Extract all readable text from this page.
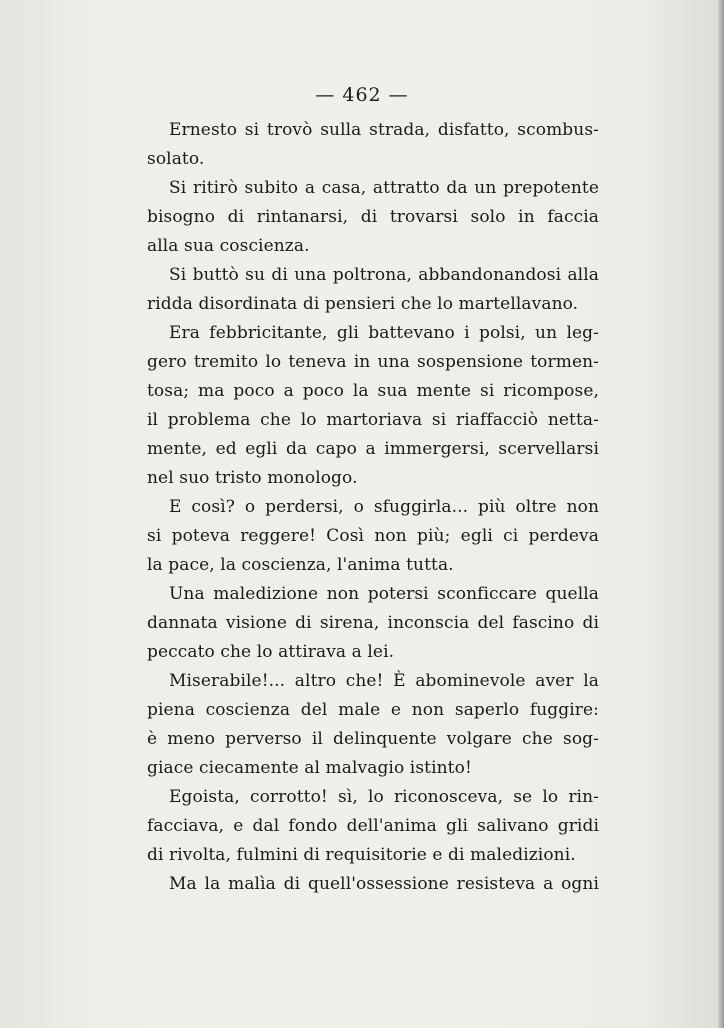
— 462 —
Ernesto si trovò sulla strada, disfatto, scombus-
solato.
Si ritirò subito a casa, attratto da un prepotente
bisogno di rintanarsi, di trovarsi solo in faccia
alla sua coscienza.
Si buttò su di una poltrona, abbandonandosi alla
ridda disordinata di pensieri che lo martellavano.
Era febbricitante, gli battevano i polsi, un leg-
gero tremito lo teneva in una sospensione tormen-
tosa; ma poco a poco la sua mente si ricompose,
il problema che lo martoriava si riaffacciò netta-
mente, ed egli da capo a immergersi, scervellarsi
nel suo tristo monologo.
E così? o perdersi, o sfuggirla... più oltre non
si poteva reggere! Così non più; egli ci perdeva
la pace, la coscienza, l'anima tutta.
Una maledizione non potersi sconficcare quella
dannata visione di sirena, inconscia del fascino di
peccato che lo attirava a lei.
Miserabile!... altro che! È abominevole aver la
piena coscienza del male e non saperlo fuggire:
è meno perverso il delinquente volgare che sog-
giace ciecamente al malvagio istinto!
Egoista, corrotto! sì, lo riconosceva, se lo rin-
facciava, e dal fondo dell'anima gli salivano gridi
di rivolta, fulmini di requisitorie e di maledizioni.
Ma la malìa di quell'ossessione resisteva a ogni
